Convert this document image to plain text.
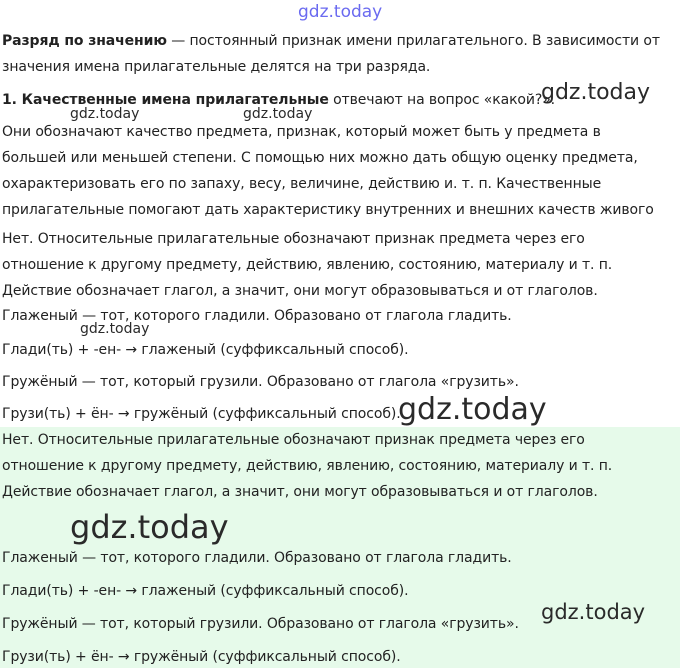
gdz.today
Разряд по значению — постоянный признак имени прилагательного. В зависимости от
значения имена прилагательные делятся на три разряда.
1. Качественные имена прилагательные отвечают на вопрос «какой?».
gdz.today
gdz.today	gdz.today
Они обозначают качество предмета, признак, который может быть у предмета в
большей или меньшей степени. С помощью них можно дать общую оценку предмета,
охарактеризовать его по запаху, весу, величине, действию и. т. п. Качественные
прилагательные помогают дать характеристику внутренних и внешних качеств живого
Нет. Относительные прилагательные обозначают признак предмета через его
отношение к другому предмету, действию, явлению, состоянию, материалу и т. п.
Действие обозначает глагол, а значит, они могут образовываться и от глаголов.
Глаженый — тот, которого гладили. Образовано от глагола гладить.
gdz.today
Глади(ть) + -ен- → глаженый (суффиксальный способ).
Гружёный — тот, который грузили. Образовано от глагола «грузить».
Грузи(ть) + ён- → гружёный (суффиксальный способ).
gdz.today
Нет. Относительные прилагательные обозначают признак предмета через его
отношение к другому предмету, действию, явлению, состоянию, материалу и т. п.
Действие обозначает глагол, а значит, они могут образовываться и от глаголов.
gdz.today
Глаженый — тот, которого гладили. Образовано от глагола гладить.
Глади(ть) + -ен- → глаженый (суффиксальный способ).
gdz.today
Гружёный — тот, который грузили. Образовано от глагола «грузить».
Грузи(ть) + ён- → гружёный (суффиксальный способ).
